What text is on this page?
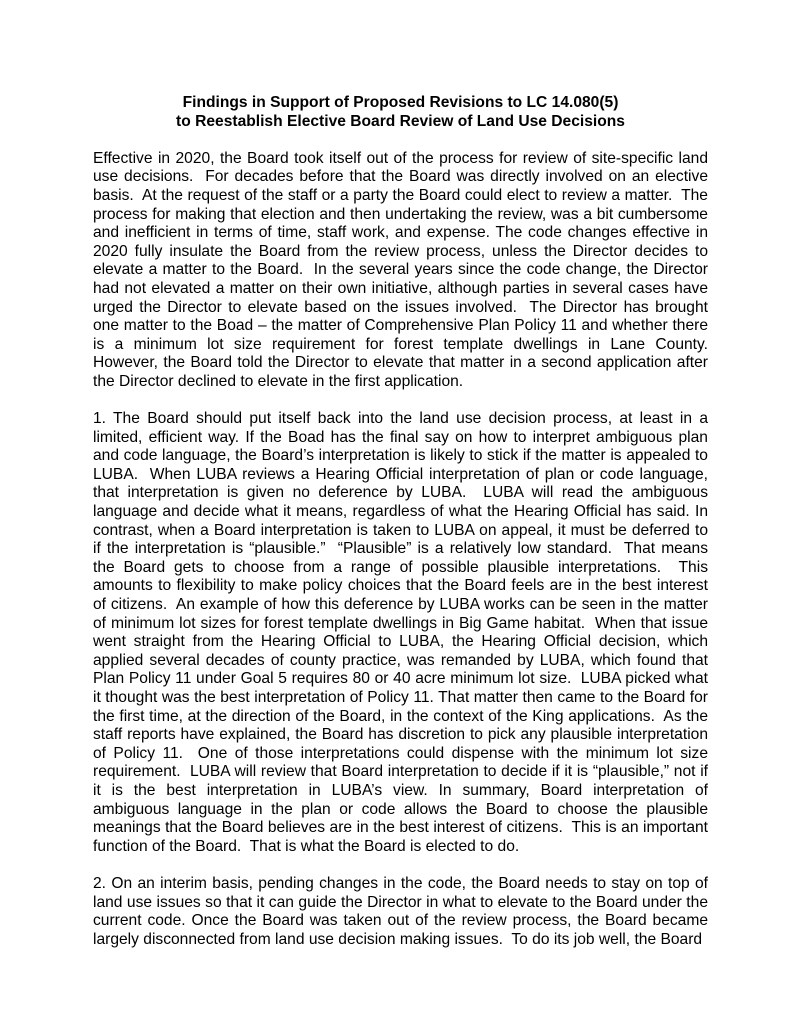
Findings in Support of Proposed Revisions to LC 14.080(5)
to Reestablish Elective Board Review of Land Use Decisions

Effective in 2020, the Board took itself out of the process for review of site-specific land use decisions.  For decades before that the Board was directly involved on an elective basis.  At the request of the staff or a party the Board could elect to review a matter.  The process for making that election and then undertaking the review, was a bit cumbersome and inefficient in terms of time, staff work, and expense. The code changes effective in 2020 fully insulate the Board from the review process, unless the Director decides to elevate a matter to the Board.  In the several years since the code change, the Director had not elevated a matter on their own initiative, although parties in several cases have urged the Director to elevate based on the issues involved.  The Director has brought one matter to the Boad – the matter of Comprehensive Plan Policy 11 and whether there is a minimum lot size requirement for forest template dwellings in Lane County.   However, the Board told the Director to elevate that matter in a second application after the Director declined to elevate in the first application.

1. The Board should put itself back into the land use decision process, at least in a limited, efficient way. If the Boad has the final say on how to interpret ambiguous plan and code language, the Board’s interpretation is likely to stick if the matter is appealed to LUBA.  When LUBA reviews a Hearing Official interpretation of plan or code language, that interpretation is given no deference by LUBA.  LUBA will read the ambiguous language and decide what it means, regardless of what the Hearing Official has said. In contrast, when a Board interpretation is taken to LUBA on appeal, it must be deferred to if the interpretation is “plausible.”  “Plausible” is a relatively low standard.  That means the Board gets to choose from a range of possible plausible interpretations.  This amounts to flexibility to make policy choices that the Board feels are in the best interest of citizens.  An example of how this deference by LUBA works can be seen in the matter of minimum lot sizes for forest template dwellings in Big Game habitat.  When that issue went straight from the Hearing Official to LUBA, the Hearing Official decision, which applied several decades of county practice, was remanded by LUBA, which found that Plan Policy 11 under Goal 5 requires 80 or 40 acre minimum lot size.  LUBA picked what it thought was the best interpretation of Policy 11. That matter then came to the Board for the first time, at the direction of the Board, in the context of the King applications.  As the staff reports have explained, the Board has discretion to pick any plausible interpretation of Policy 11.  One of those interpretations could dispense with the minimum lot size requirement.  LUBA will review that Board interpretation to decide if it is “plausible,” not if it is the best interpretation in LUBA’s view. In summary, Board interpretation of ambiguous language in the plan or code allows the Board to choose the plausible meanings that the Board believes are in the best interest of citizens.  This is an important function of the Board.  That is what the Board is elected to do.

2. On an interim basis, pending changes in the code, the Board needs to stay on top of land use issues so that it can guide the Director in what to elevate to the Board under the current code. Once the Board was taken out of the review process, the Board became largely disconnected from land use decision making issues.  To do its job well, the Board
